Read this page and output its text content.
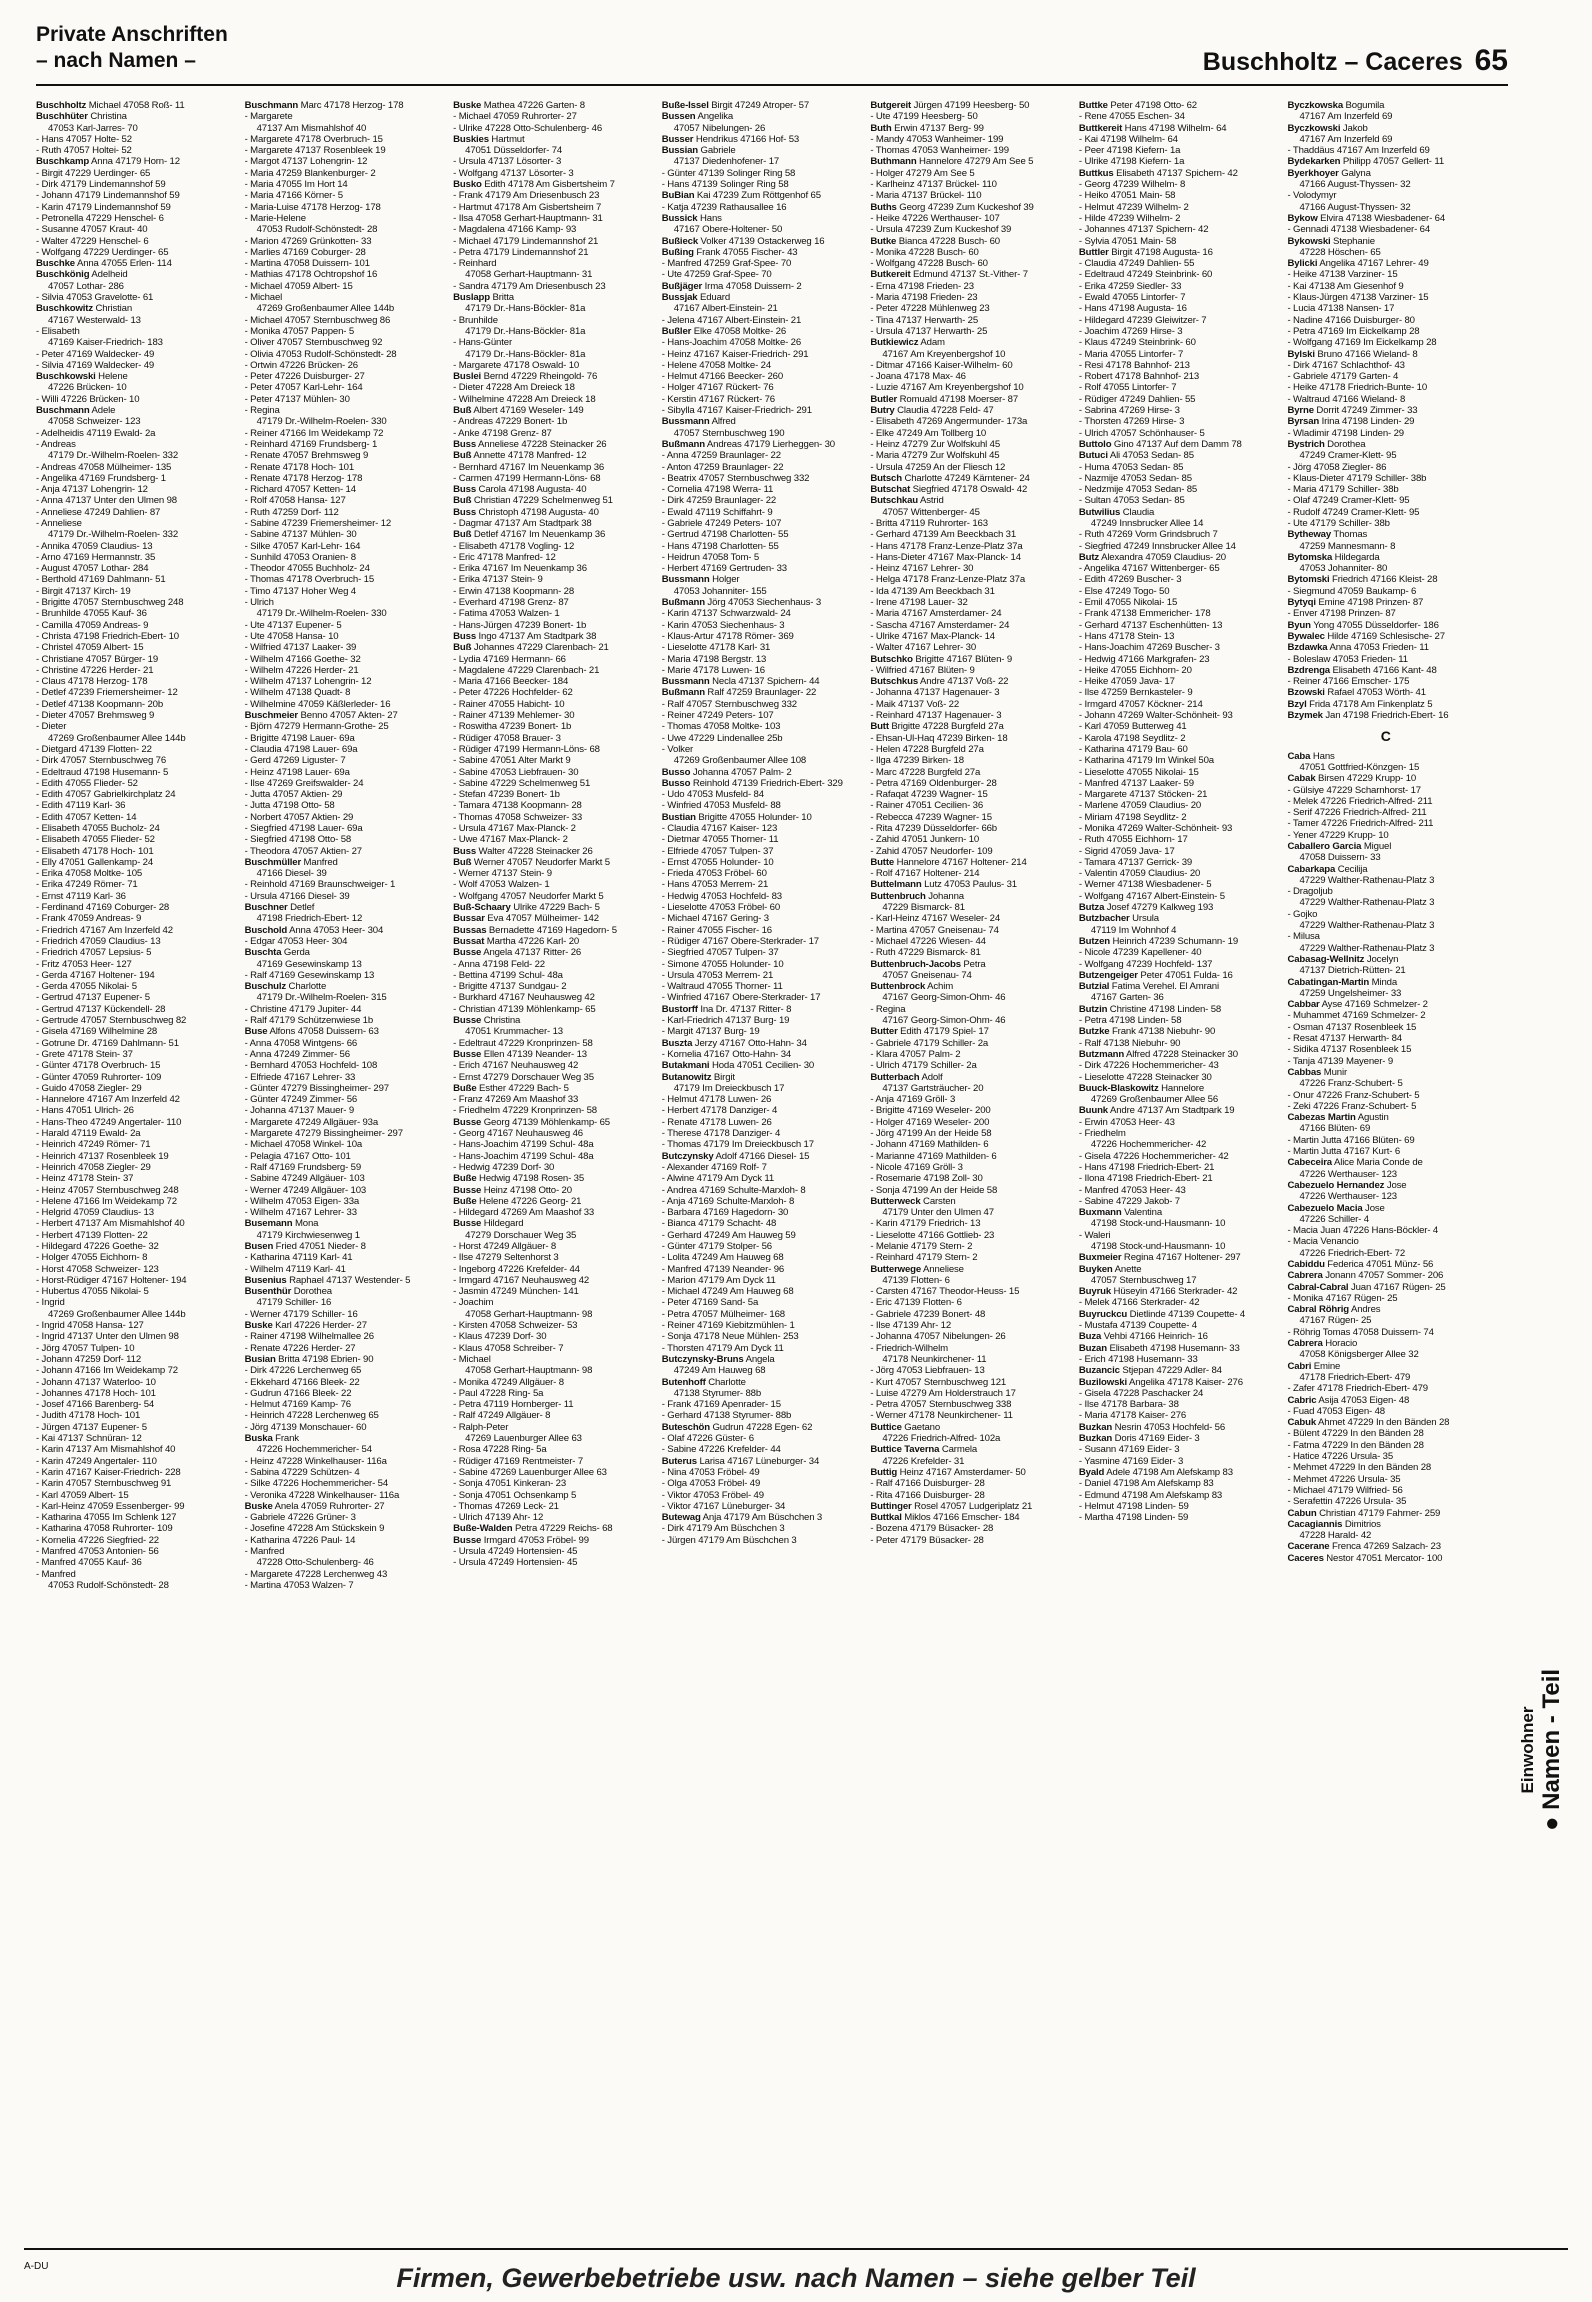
Private Anschriften
– nach Namen –	Buschholtz – Caceres 65
Buschholtz Michael 47058 Roß- 11
Buschhüter Christina
47053 Karl-Jarres- 70
- Hans 47057 Holte- 52
- Ruth 47057 Holtei- 52
Buschkamp Anna 47179 Horn- 12
- Birgit 47229 Uerdinger- 65
- Dirk 47179 Lindemannshof 59
- Johann 47179 Lindemannshof 59
- Karin 47179 Lindemannshof 59
- Petronella 47229 Henschel- 6
- Susanne 47057 Kraut- 40
- Walter 47229 Henschel- 6
- Wolfgang 47229 Uerdinger- 65
Buschke Anna 47055 Erlen- 114
Buschkönig Adelheid
47057 Lothar- 286
- Silvia 47053 Gravelotte- 61
Buschkowitz Christian
47167 Westerwald- 13
- Elisabeth
47169 Kaiser-Friedrich- 183
- Peter 47169 Waldecker- 49
- Silvia 47169 Waldecker- 49
Buschkowski Helene
47226 Brücken- 10
- Willi 47226 Brücken- 10
Buschmann Adele
47058 Schweizer- 123
- Adelheidis 47119 Ewald- 2a
- Andreas
47179 Dr.-Wilhelm-Roelen- 332
- Andreas 47058 Mülheimer- 135
- Angelika 47169 Frundsberg- 1
- Anja 47137 Lohengrin- 12
- Anna 47137 Unter den Ulmen 98
- Anneliese 47249 Dahlien- 87
- Anneliese
47179 Dr.-Wilhelm-Roelen- 332
- Annika 47059 Claudius- 13
- Arno 47169 Hermannstr. 35
- August 47057 Lothar- 284
- Berthold 47169 Dahlmann- 51
- Birgit 47137 Kirch- 19
- Brigitte 47057 Sternbuschweg 248
- Brunhilde 47055 Kauf- 36
- Camilla 47059 Andreas- 9
- Christa 47198 Friedrich-Ebert- 10
- Christel 47059 Albert- 15
- Christiane 47057 Bürger- 19
- Christine 47226 Herder- 21
- Claus 47178 Herzog- 178
- Detlef 47239 Friemersheimer- 12
- Detlef 47138 Koopmann- 20b
- Dieter 47057 Brehmsweg 9
- Dieter
47269 Großenbaumer Allee 144b
- Dietgard 47139 Flotten- 22
- Dirk 47057 Sternbuschweg 76
- Edeltraud 47198 Husemann- 5
- Edith 47055 Flieder- 52
- Edith 47057 Gabrielkirchplatz 24
- Edith 47119 Karl- 36
- Edith 47057 Ketten- 14
- Elisabeth 47055 Bucholz- 24
- Elisabeth 47055 Flieder- 52
- Elisabeth 47178 Hoch- 101
- Elly 47051 Gallenkamp- 24
- Erika 47058 Moltke- 105
- Erika 47249 Römer- 71
- Ernst 47119 Karl- 36
- Ferdinand 47169 Coburger- 28
- Frank 47059 Andreas- 9
- Friedrich 47167 Am Inzerfeld 42
- Friedrich 47059 Claudius- 13
- Friedrich 47057 Lepsius- 5
- Fritz 47053 Heer- 127
- Gerda 47167 Holtener- 194
- Gerda 47055 Nikolai- 5
- Gertrud 47137 Eupener- 5
- Gertrud 47137 Kückendell- 28
- Gertrude 47057 Sternbuschweg 82
- Gisela 47169 Wilhelmine 28
- Gotrune Dr. 47169 Dahlmann- 51
- Grete 47178 Stein- 37
- Günter 47178 Overbruch- 15
- Günter 47059 Ruhrorter- 109
- Guido 47058 Ziegler- 29
- Hannelore 47167 Am Inzerfeld 42
- Hans 47051 Ulrich- 26
- Hans-Theo 47249 Angertaler- 110
- Harald 47119 Ewald- 2a
- Heinrich 47249 Römer- 71
- Heinrich 47137 Rosenbleek 19
- Heinrich 47058 Ziegler- 29
- Heinz 47178 Stein- 37
- Heinz 47057 Sternbuschweg 248
- Helene 47166 Im Weidekamp 72
- Helgrid 47059 Claudius- 13
- Herbert 47137 Am Mismahlshof 40
- Herbert 47139 Flotten- 22
- Hildegard 47226 Goethe- 32
- Holger 47055 Eichhorn- 8
- Horst 47058 Schweizer- 123
- Horst-Rüdiger 47167 Holtener- 194
- Hubertus 47055 Nikolai- 5
- Ingrid
47269 Großenbaumer Allee 144b
- Ingrid 47058 Hansa- 127
- Ingrid 47137 Unter den Ulmen 98
- Jörg 47057 Tulpen- 10
- Johann 47259 Dorf- 112
- Johann 47166 Im Weidekamp 72
- Johann 47137 Waterloo- 10
- Johannes 47178 Hoch- 101
- Josef 47166 Barenberg- 54
- Judith 47178 Hoch- 101
- Jürgen 47137 Eupener- 5
- Kai 47137 Schnüran- 12
- Karin 47137 Am Mismahlshof 40
- Karin 47249 Angertaler- 110
- Karin 47167 Kaiser-Friedrich- 228
- Karin 47057 Sternbuschweg 91
- Karl 47059 Albert- 15
- Karl-Heinz 47059 Essenberger- 99
- Katharina 47055 Im Schlenk 127
- Katharina 47058 Ruhrorter- 109
- Kornelia 47226 Siegfried- 22
- Manfred 47053 Antonien- 56
- Manfred 47055 Kauf- 36
- Manfred
47053 Rudolf-Schönstedt- 28
Buschmann Marc 47178 Herzog- 178
- Margarete
47137 Am Mismahlshof 40
- Margarete 47178 Overbruch- 15
- Margarete 47137 Rosenbleek 19
- Margot 47137 Lohengrin- 12
- Maria 47259 Blankenburger- 2
- Maria 47055 Im Hort 14
- Maria 47166 Körner- 5
- Maria-Luise 47178 Herzog- 178
- Marie-Helene
47053 Rudolf-Schönstedt- 28
- Marion 47269 Grünkotten- 33
- Marlies 47169 Coburger- 28
- Martina 47058 Duissern- 101
- Mathias 47178 Ochtropshof 16
- Michael 47059 Albert- 15
- Michael
47269 Großenbaumer Allee 144b
- Michael 47057 Sternbuschweg 86
- Monika 47057 Pappen- 5
- Oliver 47057 Sternbuschweg 92
- Olivia 47053 Rudolf-Schönstedt- 28
- Ortwin 47226 Brücken- 26
- Peter 47226 Duisburger- 27
- Peter 47057 Karl-Lehr- 164
- Peter 47137 Mühlen- 30
- Regina
47179 Dr.-Wilhelm-Roelen- 330
- Reiner 47166 Im Weidekamp 72
- Reinhard 47169 Frundsberg- 1
- Renate 47057 Brehmsweg 9
- Renate 47178 Hoch- 101
- Renate 47178 Herzog- 178
- Richard 47057 Ketten- 14
- Rolf 47058 Hansa- 127
- Ruth 47259 Dorf- 112
- Sabine 47239 Friemersheimer- 12
- Sabine 47137 Mühlen- 30
- Silke 47057 Karl-Lehr- 164
- Sunhild 47053 Oranien- 8
- Theodor 47055 Buchholz- 24
- Thomas 47178 Overbruch- 15
- Timo 47137 Hoher Weg 4
- Ulrich
47179 Dr.-Wilhelm-Roelen- 330
- Ute 47137 Eupener- 5
- Ute 47058 Hansa- 10
- Wilfried 47137 Laaker- 39
- Wilhelm 47166 Goethe- 32
- Wilhelm 47226 Herder- 21
- Wilhelm 47137 Lohengrin- 12
- Wilhelm 47138 Quadt- 8
- Wilhelmine 47059 Käßlerleder- 16
Buschmeier Benno 47057 Akten- 27
- Björn 47279 Hermann-Grothe- 25
- Brigitte 47198 Lauer- 69a
- Claudia 47198 Lauer- 69a
- Gerd 47269 Liguster- 7
- Heinz 47198 Lauer- 69a
- Ilse 47269 Greifswalder- 24
- Jutta 47057 Aktien- 29
- Jutta 47198 Otto- 58
- Norbert 47057 Aktien- 29
- Siegfried 47198 Lauer- 69a
- Siegfried 47198 Otto- 58
- Theodora 47057 Aktien- 27
Buschmüller Manfred
47166 Diesel- 39
- Reinhold 47169 Braunschweiger- 1
- Ursula 47166 Diesel- 39
Buschner Detlef
47198 Friedrich-Ebert- 12
Buschold Anna 47053 Heer- 304
- Edgar 47053 Heer- 304
Buschta Gerda
47169 Gesewinskamp 13
- Ralf 47169 Gesewinskamp 13
Buschulz Charlotte
47179 Dr.-Wilhelm-Roelen- 315
- Christine 47179 Jupiter- 44
- Ralf 47179 Schützenwiese 1b
Buse Alfons 47058 Duissern- 63
- Anna 47058 Wintgens- 66
- Anna 47249 Zimmer- 56
- Bernhard 47053 Hochfeld- 108
- Elfriede 47167 Lehrer- 33
- Günter 47279 Bissingheimer- 297
- Günter 47249 Zimmer- 56
- Johanna 47137 Mauer- 9
- Margarete 47249 Allgäuer- 93a
- Margarete 47279 Bissingheimer- 297
- Michael 47058 Winkel- 10a
- Pelagia 47167 Otto- 101
- Ralf 47169 Frundsberg- 59
- Sabine 47249 Allgäuer- 103
- Werner 47249 Allgäuer- 103
- Wilhelm 47053 Eigen- 33a
- Wilhelm 47167 Lehrer- 33
Busemann Mona
47179 Kirchwiesenweg 1
Busen Fried 47051 Nieder- 8
- Katharina 47119 Karl- 41
- Wilhelm 47119 Karl- 41
Busenius Raphael 47137 Westender- 5
Busenthür Dorothea
47179 Schiller- 16
- Werner 47179 Schiller- 16
Buske Karl 47226 Herder- 27
- Rainer 47198 Wilhelmallee 26
- Renate 47226 Herder- 27
Busian Britta 47198 Ebrien- 90
- Dirk 47226 Lerchenweg 65
- Ekkehard 47166 Bleek- 22
- Gudrun 47166 Bleek- 22
- Helmut 47169 Kamp- 76
- Heinrich 47228 Lerchenweg 65
- Jörg 47139 Monschauer- 60
Buska Frank
47226 Hochemmericher- 54
- Heinz 47228 Winkelhauser- 116a
- Sabina 47229 Schützen- 4
- Silke 47226 Hochemmericher- 54
- Veronika 47228 Winkelhauser- 116a
Buske Anela 47059 Ruhrorter- 27
- Gabriele 47226 Grüner- 3
- Josefine 47228 Am Stückskein 9
- Katharina 47226 Paul- 14
- Manfred
47228 Otto-Schulenberg- 46
- Margarete 47228 Lerchenweg 43
- Martina 47053 Walzen- 7
Buske Mathea 47226 Garten- 8
- Michael 47059 Ruhrorter- 27
- Ulrike 47228 Otto-Schulenberg- 46
Buskies Hartmut
47051 Düsseldorfer- 74
- Ursula 47137 Lösorter- 3
- Wolfgang 47137 Lösorter- 3
Busko Edith 47178 Am Gisbertsheim 7
- Frank 47179 Am Driesenbusch 23
- Hartmut 47178 Am Gisbertsheim 7
- Ilsa 47058 Gerhart-Hauptmann- 31
- Magdalena 47166 Kamp- 93
- Michael 47179 Lindemannshof 21
- Petra 47179 Lindemannshof 21
- Reinhard
47058 Gerhart-Hauptmann- 31
- Sandra 47179 Am Driesenbusch 23
Buslapp Britta
47179 Dr.-Hans-Böckler- 81a
- Brunhilde
47179 Dr.-Hans-Böckler- 81a
- Hans-Günter
47179 Dr.-Hans-Böckler- 81a
- Margarete 47178 Oswald- 10
Buslei Bernd 47229 Rheingold- 76
- Dieter 47228 Am Dreieck 18
- Wilhelmine 47228 Am Dreieck 18
Buß Albert 47169 Weseler- 149
- Andreas 47229 Bonert- 1b
- Anke 47198 Grenz- 87
Buss Anneliese 47228 Steinacker 26
Buß Annette 47178 Manfred- 12
- Bernhard 47167 Im Neuenkamp 36
- Carmen 47199 Hermann-Löns- 68
Buss Carola 47198 Augusta- 40
Buß Christian 47229 Schelmenweg 51
Buss Christoph 47198 Augusta- 40
- Dagmar 47137 Am Stadtpark 38
Buß Detlef 47167 Im Neuenkamp 36
- Elisabeth 47178 Vogling- 12
- Eric 47178 Manfred- 12
- Erika 47167 Im Neuenkamp 36
- Erika 47137 Stein- 9
- Erwin 47138 Koopmann- 28
- Everhard 47198 Grenz- 87
- Fatima 47053 Walzen- 1
- Hans-Jürgen 47239 Bonert- 1b
Buss Ingo 47137 Am Stadtpark 38
Buß Johannes 47229 Clarenbach- 21
- Lydia 47169 Hermann- 66
- Magdalene 47229 Clarenbach- 21
- Maria 47166 Beecker- 184
- Peter 47226 Hochfelder- 62
- Rainer 47055 Habicht- 10
- Rainer 47139 Mehlemer- 30
- Roswitha 47239 Bonert- 1b
- Rüdiger 47058 Brauer- 3
- Rüdiger 47199 Hermann-Löns- 68
- Sabine 47051 Alter Markt 9
- Sabine 47053 Liebfrauen- 30
- Sabine 47229 Schelmenweg 51
- Stefan 47239 Bonert- 1b
- Tamara 47138 Koopmann- 28
- Thomas 47058 Schweizer- 33
- Ursula 47167 Max-Planck- 2
- Uwe 47167 Max-Planck- 2
Buss Walter 47228 Steinacker 26
Buß Werner 47057 Neudorfer Markt 5
- Werner 47137 Stein- 9
- Wolf 47053 Walzen- 1
- Wolfgang 47057 Neudorfer Markt 5
Buß-Schaary Ulrike 47229 Bach- 5
Bussar Eva 47057 Mülheimer- 142
Bussas Bernadette 47169 Hagedorn- 5
Bussat Martha 47226 Karl- 20
Busse Angela 47137 Ritter- 26
- Anna 47198 Feld- 22
- Bettina 47199 Schul- 48a
- Brigitte 47137 Sundgau- 2
- Burkhard 47167 Neuhausweg 42
- Christian 47139 Möhlenkamp- 65
Busse Christina
47051 Krummacher- 13
- Edeltraut 47229 Kronprinzen- 58
Busse Ellen 47139 Neander- 13
- Erich 47167 Neuhausweg 42
- Ernst 47279 Dorschauer Weg 35
Buße Esther 47229 Bach- 5
- Franz 47269 Am Maashof 33
- Friedhelm 47229 Kronprinzen- 58
Busse Georg 47139 Möhlenkamp- 65
- Georg 47167 Neuhausweg 46
- Hans-Joachim 47199 Schul- 48a
- Hans-Joachim 47199 Schul- 48a
- Hedwig 47239 Dorf- 30
Buße Hedwig 47198 Rosen- 35
Busse Heinz 47198 Otto- 20
Buße Helene 47226 Georg- 21
- Hildegard 47269 Am Maashof 33
Busse Hildegard
47279 Dorschauer Weg 35
- Horst 47249 Allgäuer- 8
- Ilse 47279 Seltenhorst 3
- Ingeborg 47226 Krefelder- 44
- Irmgard 47167 Neuhausweg 42
- Jasmin 47249 München- 141
- Joachim
47058 Gerhart-Hauptmann- 98
- Kirsten 47058 Schweizer- 53
- Klaus 47239 Dorf- 30
- Klaus 47058 Schreiber- 7
- Michael
47058 Gerhart-Hauptmann- 98
- Monika 47249 Allgäuer- 8
- Paul 47228 Ring- 5a
- Petra 47119 Hornberger- 11
- Ralf 47249 Allgäuer- 8
- Ralph-Peter
47269 Lauenburger Allee 63
- Rosa 47228 Ring- 5a
- Rüdiger 47169 Rentmeister- 7
- Sabine 47269 Lauenburger Allee 63
- Sonja 47051 Kinkeran- 23
- Sonja 47051 Ochsenkamp 5
- Thomas 47269 Leck- 21
- Ulrich 47139 Ahr- 12
Buße-Walden Petra 47229 Reichs- 68
Busse Irmgard 47053 Fröbel- 99
- Ursula 47249 Hortensien- 45
- Ursula 47249 Hortensien- 45
Buße-Issel Birgit 47249 Atroper- 57
Bussen Angelika
47057 Nibelungen- 26
Busser Hendrikus 47166 Hof- 53
Bussian Gabriele
47137 Diedenhofener- 17
- Günter 47139 Solinger Ring 58
- Hans 47139 Solinger Ring 58
BuBian Kai 47239 Zum Röttgenhof 65
- Katja 47239 Rathausallee 16
Bussick Hans
47167 Obere-Holtener- 50
Bußieck Volker 47139 Ostackerweg 16
Bußing Frank 47055 Fischer- 43
- Manfred 47259 Graf-Spee- 70
- Ute 47259 Graf-Spee- 70
Bußjäger Irma 47058 Duissern- 2
Bussjak Eduard
47167 Albert-Einstein- 21
- Jelena 47167 Albert-Einstein- 21
Bußler Elke 47058 Moltke- 26
- Hans-Joachim 47058 Moltke- 26
- Heinz 47167 Kaiser-Friedrich- 291
- Helene 47058 Moltke- 24
- Helmut 47166 Beecker- 260
- Holger 47167 Rückert- 76
- Kerstin 47167 Rückert- 76
- Sibylla 47167 Kaiser-Friedrich- 291
Bussmann Alfred
47057 Sternbuschweg 190
Bußmann Andreas 47179 Lierheggen- 30
- Anna 47259 Braunlager- 22
- Anton 47259 Braunlager- 22
- Beatrix 47057 Sternbuschweg 332
- Cornelia 47198 Werra- 11
- Dirk 47259 Braunlager- 22
- Ewald 47119 Schiffahrt- 9
- Gabriele 47249 Peters- 107
- Gertrud 47198 Charlotten- 55
- Hans 47198 Charlotten- 55
- Heidrun 47058 Tom- 5
- Herbert 47169 Gertruden- 33
Bussmann Holger
47053 Johanniter- 155
Bußmann Jörg 47053 Siechenhaus- 3
- Karin 47137 Schwarzwald- 24
- Karin 47053 Siechenhaus- 3
- Klaus-Artur 47178 Römer- 369
- Lieselotte 47178 Karl- 31
- Maria 47198 Bergstr. 13
- Marie 47178 Luwen- 16
Bussmann Necla 47137 Spichern- 44
Bußmann Ralf 47259 Braunlager- 22
- Ralf 47057 Sternbuschweg 332
- Reiner 47249 Peters- 107
- Thomas 47058 Moltke- 103
- Uwe 47229 Lindenallee 25b
- Volker
47269 Großenbaumer Allee 108
Busso Johanna 47057 Palm- 2
Busso Reinhold 47139 Friedrich-Ebert- 329
- Udo 47053 Musfeld- 84
- Winfried 47053 Musfeld- 88
Bustian Brigitte 47055 Holunder- 10
- Claudia 47167 Kaiser- 123
- Dietmar 47055 Thorner- 11
- Elfriede 47057 Tulpen- 37
- Ernst 47055 Holunder- 10
- Frieda 47053 Fröbel- 60
- Hans 47053 Merrem- 21
- Hedwig 47053 Hochfeld- 83
- Lieselotte 47053 Fröbel- 60
- Michael 47167 Gering- 3
- Rainer 47055 Fischer- 16
- Rüdiger 47167 Obere-Sterkrader- 17
- Siegfried 47057 Tulpen- 37
- Simone 47055 Holunder- 10
- Ursula 47053 Merrem- 21
- Waltraud 47055 Thorner- 11
- Winfried 47167 Obere-Sterkrader- 17
Bustorff Ina Dr. 47137 Ritter- 8
- Karl-Friedrich 47137 Burg- 19
- Margit 47137 Burg- 19
Buszta Jerzy 47167 Otto-Hahn- 34
- Kornelia 47167 Otto-Hahn- 34
Butakmani Hoda 47051 Cecilien- 30
Butanowitz Birgit
47179 Im Dreieckbusch 17
- Helmut 47178 Luwen- 26
- Herbert 47178 Danziger- 4
- Renate 47178 Luwen- 26
- Therese 47178 Danziger- 4
- Thomas 47179 Im Dreieckbusch 17
Butczynsky Adolf 47166 Diesel- 15
- Alexander 47169 Rolf- 7
- Alwine 47179 Am Dyck 11
- Andrea 47169 Schulte-Marxloh- 8
- Anja 47169 Schulte-Marxloh- 8
- Barbara 47169 Hagedorn- 30
- Bianca 47179 Schacht- 48
- Gerhard 47249 Am Hauweg 59
- Günter 47179 Stolper- 56
- Lolita 47249 Am Hauweg 68
- Manfred 47139 Neander- 96
- Marion 47179 Am Dyck 11
- Michael 47249 Am Hauweg 68
- Peter 47169 Sand- 5a
- Petra 47057 Mülheimer- 168
- Reiner 47169 Kiebitzmühlen- 1
- Sonja 47178 Neue Mühlen- 253
- Thorsten 47179 Am Dyck 11
Butczynsky-Bruns Angela
47249 Am Hauweg 68
Butenhoff Charlotte
47138 Styrumer- 88b
- Frank 47169 Apenrader- 15
- Gerhard 47138 Styrumer- 88b
Buteschön Gudrun 47228 Egen- 62
- Olaf 47226 Güster- 6
- Sabine 47226 Krefelder- 44
Buterus Larisa 47167 Lüneburger- 34
- Nina 47053 Fröbel- 49
- Olga 47053 Fröbel- 49
- Viktor 47053 Fröbel- 49
- Viktor 47167 Lüneburger- 34
Butewag Anja 47179 Am Büschchen 3
- Dirk 47179 Am Büschchen 3
- Jürgen 47179 Am Büschchen 3
Butgereit Jürgen 47199 Heesberg- 50
- Ute 47199 Heesberg- 50
Buth Erwin 47137 Berg- 99
- Mandy 47053 Wanheimer- 199
- Thomas 47053 Wanheimer- 199
Buthmann Hannelore 47279 Am See 5
- Holger 47279 Am See 5
- Karlheinz 47137 Brückel- 110
- Maria 47137 Brückel- 110
Buths Georg 47239 Zum Kuckeshof 39
- Heike 47226 Werthauser- 107
- Ursula 47239 Zum Kuckeshof 39
Butke Bianca 47228 Busch- 60
- Monika 47228 Busch- 60
- Wolfgang 47228 Busch- 60
Butkereit Edmund 47137 St.-Vither- 7
- Erna 47198 Frieden- 23
- Maria 47198 Frieden- 23
- Peter 47228 Mühlenweg 23
- Tina 47137 Herwarth- 25
- Ursula 47137 Herwarth- 25
Butkiewicz Adam
47167 Am Kreyenbergshof 10
- Ditmar 47166 Kaiser-Wilhelm- 60
- Joana 47178 Max- 46
- Luzie 47167 Am Kreyenbergshof 10
Butler Romuald 47198 Moerser- 87
Butry Claudia 47228 Feld- 47
- Elisabeth 47269 Angermunder- 173a
- Elke 47249 Am Tollberg 10
- Heinz 47279 Zur Wolfskuhl 45
- Maria 47279 Zur Wolfskuhl 45
- Ursula 47259 An der Fliesch 12
Butsch Charlotte 47249 Kärntener- 24
Butschat Siegfried 47178 Oswald- 42
Butschkau Astrid
47057 Wittenberger- 45
- Britta 47119 Ruhrorter- 163
- Gerhard 47139 Am Beeckbach 31
- Hans 47178 Franz-Lenze-Platz 37a
- Hans-Dieter 47167 Max-Planck- 14
- Heinz 47167 Lehrer- 30
- Helga 47178 Franz-Lenze-Platz 37a
- Ida 47139 Am Beeckbach 31
- Irene 47198 Lauer- 32
- Maria 47167 Amsterdamer- 24
- Sascha 47167 Amsterdamer- 24
- Ulrike 47167 Max-Planck- 14
- Walter 47167 Lehrer- 30
Butschko Brigitte 47167 Blüten- 9
- Wilfried 47167 Blüten- 9
Butschkus Andre 47137 Voß- 22
- Johanna 47137 Hagenauer- 3
- Maik 47137 Voß- 22
- Reinhard 47137 Hagenauer- 3
Butt Brigitte 47228 Burgfeld 27a
- Ehsan-Ul-Haq 47239 Birken- 18
- Helen 47228 Burgfeld 27a
- Ilga 47239 Birken- 18
- Marc 47228 Burgfeld 27a
- Petra 47169 Oldenburger- 28
- Rafaqat 47239 Wagner- 15
- Rainer 47051 Cecilien- 36
- Rebecca 47239 Wagner- 15
- Rita 47239 Düsseldorfer- 66b
- Zahid 47051 Junkern- 10
- Zahid 47057 Neudorfer- 109
Butte Hannelore 47167 Holtener- 214
- Rolf 47167 Holtener- 214
Buttelmann Lutz 47053 Paulus- 31
Buttenbruch Johanna
47229 Bismarck- 81
- Karl-Heinz 47167 Weseler- 24
- Martina 47057 Gneisenau- 74
- Michael 47226 Wiesen- 44
- Ruth 47229 Bismarck- 81
Buttenbruch-Jacobs Petra
47057 Gneisenau- 74
Buttenbrock Achim
47167 Georg-Simon-Ohm- 46
- Regina
47167 Georg-Simon-Ohm- 46
Butter Edith 47179 Spiel- 17
- Gabriele 47179 Schiller- 2a
- Klara 47057 Palm- 2
- Ulrich 47179 Schiller- 2a
Butterbach Adolf
47137 Gartsträucher- 20
- Anja 47169 Gröll- 3
- Brigitte 47169 Weseler- 200
- Holger 47169 Weseler- 200
- Jörg 47199 An der Heide 58
- Johann 47169 Mathilden- 6
- Marianne 47169 Mathilden- 6
- Nicole 47169 Gröll- 3
- Rosemarie 47198 Zoll- 30
- Sonja 47199 An der Heide 58
Butterweck Carsten
47179 Unter den Ulmen 47
- Karin 47179 Friedrich- 13
- Lieselotte 47166 Gottlieb- 23
- Melanie 47179 Stern- 2
- Reinhard 47179 Stern- 2
Butterwege Anneliese
47139 Flotten- 6
- Carsten 47167 Theodor-Heuss- 15
- Eric 47139 Flotten- 6
- Gabriele 47239 Bonert- 48
- Ilse 47139 Ahr- 12
- Johanna 47057 Nibelungen- 26
- Friedrich-Wilhelm
47178 Neunkirchener- 11
- Jörg 47053 Liebfrauen- 13
- Kurt 47057 Sternbuschweg 121
- Luise 47279 Am Holderstrauch 17
- Petra 47057 Sternbuschweg 338
- Werner 47178 Neunkirchener- 11
Buttice Gaetano
47226 Friedrich-Alfred- 102a
Buttice Taverna Carmela
47226 Krefelder- 31
Buttig Heinz 47167 Amsterdamer- 50
- Ralf 47166 Duisburger- 28
- Rita 47166 Duisburger- 28
Buttinger Rosel 47057 Ludgeriplatz 21
Buttkal Miklos 47166 Emscher- 184
- Bozena 47179 Büsacker- 28
- Peter 47179 Büsacker- 28
Buttke Peter 47198 Otto- 62
- Rene 47055 Eschen- 34
Buttkereit Hans 47198 Wilhelm- 64
- Kai 47198 Wilhelm- 64
- Peer 47198 Kiefern- 1a
- Ulrike 47198 Kiefern- 1a
Buttkus Elisabeth 47137 Spichern- 42
- Georg 47239 Wilhelm- 8
- Heiko 47051 Main- 58
- Helmut 47239 Wilhelm- 2
- Hilde 47239 Wilhelm- 2
- Johannes 47137 Spichern- 42
- Sylvia 47051 Main- 58
Buttler Birgit 47198 Augusta- 16
- Claudia 47249 Dahlien- 55
- Edeltraud 47249 Steinbrink- 60
- Erika 47259 Siedler- 33
- Ewald 47055 Lintorfer- 7
- Hans 47198 Augusta- 16
- Hildegard 47239 Gleiwitzer- 7
- Joachim 47269 Hirse- 3
- Klaus 47249 Steinbrink- 60
- Maria 47055 Lintorfer- 7
- Resi 47178 Bahnhof- 213
- Robert 47178 Bahnhof- 213
- Rolf 47055 Lintorfer- 7
- Rüdiger 47249 Dahlien- 55
- Sabrina 47269 Hirse- 3
- Thorsten 47269 Hirse- 3
- Ulrich 47057 Schönhauser- 5
Buttolo Gino 47137 Auf dem Damm 78
Butuci Ali 47053 Sedan- 85
- Huma 47053 Sedan- 85
- Nazmije 47053 Sedan- 85
- Nedzmije 47053 Sedan- 85
- Sultan 47053 Sedan- 85
Butwilius Claudia
47249 Innsbrucker Allee 14
- Ruth 47269 Vorm Grindsbruch 7
- Siegfried 47249 Innsbrucker Allee 14
Butz Alexandra 47059 Claudius- 20
- Angelika 47167 Wittenberger- 65
- Edith 47269 Buscher- 3
- Else 47249 Togo- 50
- Emil 47055 Nikolai- 15
- Frank 47138 Emmericher- 178
- Gerhard 47137 Eschenhütten- 13
- Hans 47178 Stein- 13
- Hans-Joachim 47269 Buscher- 3
- Hedwig 47166 Markgrafen- 23
- Heike 47055 Eichhorn- 20
- Heike 47059 Java- 17
- Ilse 47259 Bernkasteler- 9
- Irmgard 47057 Köckner- 214
- Johann 47269 Walter-Schönheit- 93
- Karl 47059 Butterweg 41
- Karola 47198 Seydlitz- 2
- Katharina 47179 Bau- 60
- Katharina 47179 Im Winkel 50a
- Lieselotte 47055 Nikolai- 15
- Manfred 47137 Laaker- 59
- Margarete 47137 Stöcken- 21
- Marlene 47059 Claudius- 20
- Miriam 47198 Seydlitz- 2
- Monika 47269 Walter-Schönheit- 93
- Ruth 47055 Eichhorn- 17
- Sigrid 47059 Java- 17
- Tamara 47137 Gerrick- 39
- Valentin 47059 Claudius- 20
- Werner 47138 Wiesbadener- 5
- Wolfgang 47167 Albert-Einstein- 5
Butza Josef 47279 Kalkweg 193
Butzbacher Ursula
47119 Im Wohnhof 4
Butzen Heinrich 47239 Schumann- 19
- Nicole 47239 Kapellener- 40
- Wolfgang 47239 Hochfeld- 137
Butzengeiger Peter 47051 Fulda- 16
Butzial Fatima Verehel. El Amrani
47167 Garten- 36
Butzin Christine 47198 Linden- 58
- Petra 47198 Linden- 58
Butzke Frank 47138 Niebuhr- 90
- Ralf 47138 Niebuhr- 90
Butzmann Alfred 47228 Steinacker 30
- Dirk 47226 Hochemmericher- 43
- Lieselotte 47228 Steinacker 30
Buuck-Blaskowitz Hannelore
47269 Großenbaumer Allee 56
Buunk Andre 47137 Am Stadtpark 19
- Erwin 47053 Heer- 43
- Friedhelm
47226 Hochemmericher- 42
- Gisela 47226 Hochemmericher- 42
- Hans 47198 Friedrich-Ebert- 21
- Ilona 47198 Friedrich-Ebert- 21
- Manfred 47053 Heer- 43
- Sabine 47229 Jakob- 7
Buxmann Valentina
47198 Stock-und-Hausmann- 10
- Waleri
47198 Stock-und-Hausmann- 10
Buxmeier Regina 47167 Holtener- 297
Buyken Anette
47057 Sternbuschweg 17
Buyruk Hüseyin 47166 Sterkrader- 42
- Melek 47166 Sterkrader- 42
Buyruckcu Dietlinde 47139 Coupette- 4
- Mustafa 47139 Coupette- 4
Buza Vehbi 47166 Heinrich- 16
Buzan Elisabeth 47198 Husemann- 33
- Erich 47198 Husemann- 33
Buzancic Stjepan 47229 Adler- 84
Buzilowski Angelika 47178 Kaiser- 276
- Gisela 47228 Paschacker 24
- Ilse 47178 Barbara- 38
- Maria 47178 Kaiser- 276
Buzkan Nesrin 47053 Hochfeld- 56
Buzkan Doris 47169 Eider- 3
- Susann 47169 Eider- 3
- Yasmine 47169 Eider- 3
Byald Adele 47198 Am Alefskamp 83
- Daniel 47198 Am Alefskamp 83
- Edmund 47198 Am Alefskamp 83
- Helmut 47198 Linden- 59
- Martha 47198 Linden- 59
Byczkowska Bogumila
47167 Am Inzerfeld 69
Byczkowski Jakob
47167 Am Inzerfeld 69
- Thaddäus 47167 Am Inzerfeld 69
Bydekarken Philipp 47057 Gellert- 11
Byerkhoyer Galyna
47166 August-Thyssen- 32
- Volodymyr
47166 August-Thyssen- 32
Bykow Elvira 47138 Wiesbadener- 64
- Gennadi 47138 Wiesbadener- 64
Bykowski Stephanie
47228 Höschen- 65
Bylicki Angelika 47167 Lehrer- 49
- Heike 47138 Varziner- 15
- Kai 47138 Am Giesenhof 9
- Klaus-Jürgen 47138 Varziner- 15
- Lucia 47138 Nansen- 17
- Nadine 47166 Duisburger- 80
- Petra 47169 Im Eickelkamp 28
- Wolfgang 47169 Im Eickelkamp 28
Bylski Bruno 47166 Wieland- 8
- Dirk 47167 Schlachthof- 43
- Gabriele 47179 Garten- 4
- Heike 47178 Friedrich-Bunte- 10
- Waltraud 47166 Wieland- 8
Byrne Dorrit 47249 Zimmer- 33
Byrsan Irina 47198 Linden- 29
- Wladimir 47198 Linden- 29
Bystrich Dorothea
47249 Cramer-Klett- 95
- Jörg 47058 Ziegler- 86
- Klaus-Dieter 47179 Schiller- 38b
- Maria 47179 Schiller- 38b
- Olaf 47249 Cramer-Klett- 95
- Rudolf 47249 Cramer-Klett- 95
- Ute 47179 Schiller- 38b
Bytheway Thomas
47259 Mannesmann- 8
Bytomska Hildegarda
47053 Johanniter- 80
Bytomski Friedrich 47166 Kleist- 28
- Siegmund 47059 Baukamp- 6
Bytyqi Emine 47198 Prinzen- 87
- Enver 47198 Prinzen- 87
Byun Yong 47055 Düsseldorfer- 186
Bywalec Hilde 47169 Schlesische- 27
Bzdawka Anna 47053 Frieden- 11
- Boleslaw 47053 Frieden- 11
Bzdrenga Elisabeth 47166 Kant- 48
- Reiner 47166 Emscher- 175
Bzowski Rafael 47053 Wörth- 41
Bzyl Frida 47178 Am Finkenplatz 5
Bzymek Jan 47198 Friedrich-Ebert- 16
C
Caba Hans
47051 Gottfried-Könzgen- 15
Cabak Birsen 47229 Krupp- 10
- Gülsiye 47229 Scharnhorst- 17
- Melek 47226 Friedrich-Alfred- 211
- Serif 47226 Friedrich-Alfred- 211
- Tamer 47226 Friedrich-Alfred- 211
- Yener 47229 Krupp- 10
Caballero Garcia Miguel
47058 Duissern- 33
Cabarkapa Cecilija
47229 Walther-Rathenau-Platz 3
- Dragoljub
47229 Walther-Rathenau-Platz 3
- Gojko
47229 Walther-Rathenau-Platz 3
- Milusa
47229 Walther-Rathenau-Platz 3
Cabasag-Wellnitz Jocelyn
47137 Dietrich-Rütten- 21
Cabatingan-Martin Minda
47259 Ungelsheimer- 33
Cabbar Ayse 47169 Schmelzer- 2
- Muhammet 47169 Schmelzer- 2
- Osman 47137 Rosenbleek 15
- Resat 47137 Herwarth- 84
- Sidika 47137 Rosenbleek 15
- Tanja 47139 Mayener- 9
Cabbas Munir
47226 Franz-Schubert- 5
- Onur 47226 Franz-Schubert- 5
- Zeki 47226 Franz-Schubert- 5
Cabezas Martin Agustin
47166 Blüten- 69
- Martin Jutta 47166 Blüten- 69
- Martin Jutta 47167 Kurt- 6
Cabeceira Alice Maria Conde de
47226 Werthauser- 123
Cabezuelo Hernandez Jose
47226 Werthauser- 123
Cabezuelo Macia Jose
47226 Schiller- 4
- Macia Juan 47226 Hans-Böckler- 4
- Macia Venancio
47226 Friedrich-Ebert- 72
Cabiddu Federica 47051 Münz- 56
Cabrera Jonann 47057 Sommer- 206
Cabral-Cabral Juan 47167 Rügen- 25
- Monika 47167 Rügen- 25
Cabral Röhrig Andres
47167 Rügen- 25
- Röhrig Tomas 47058 Duissern- 74
Cabrera Horacio
47058 Königsberger Allee 32
Cabri Emine
47178 Friedrich-Ebert- 479
- Zafer 47178 Friedrich-Ebert- 479
Cabric Asija 47053 Eigen- 48
- Fuad 47053 Eigen- 48
Cabuk Ahmet 47229 In den Bänden 28
- Bülent 47229 In den Bänden 28
- Fatma 47229 In den Bänden 28
- Hatice 47226 Ursula- 35
- Mehmet 47229 In den Bänden 28
- Mehmet 47226 Ursula- 35
- Michael 47179 Wilfried- 56
- Serafettin 47226 Ursula- 35
Cabun Christian 47179 Fahrner- 259
Cacagiannis Dimitrios
47228 Harald- 42
Cacerane Frenca 47269 Salzach- 23
Caceres Nestor 47051 Mercator- 100
Einwohner ● Namen - Teil
A-DU	Firmen, Gewerbebetriebe usw. nach Namen – siehe gelber Teil
